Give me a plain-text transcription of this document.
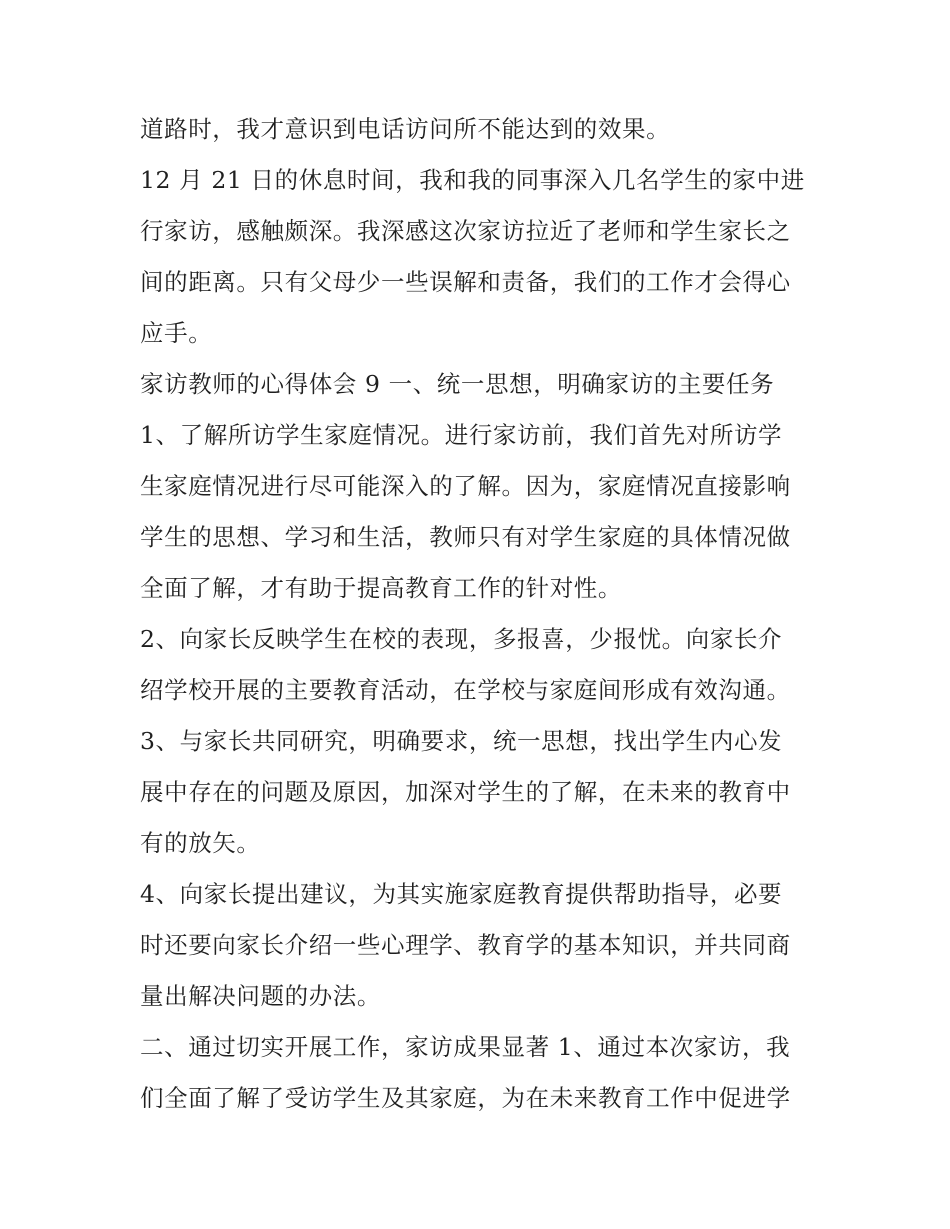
道路时，我才意识到电话访问所不能达到的效果。
12 月 21 日的休息时间，我和我的同事深入几名学生的家中进
行家访，感触颇深。我深感这次家访拉近了老师和学生家长之
间的距离。只有父母少一些误解和责备，我们的工作才会得心
应手。
家访教师的心得体会 9 一、统一思想，明确家访的主要任务
1、了解所访学生家庭情况。进行家访前，我们首先对所访学
生家庭情况进行尽可能深入的了解。因为，家庭情况直接影响
学生的思想、学习和生活，教师只有对学生家庭的具体情况做
全面了解，才有助于提高教育工作的针对性。
2、向家长反映学生在校的表现，多报喜，少报忧。向家长介
绍学校开展的主要教育活动，在学校与家庭间形成有效沟通。
3、与家长共同研究，明确要求，统一思想，找出学生内心发
展中存在的问题及原因，加深对学生的了解，在未来的教育中
有的放矢。
4、向家长提出建议，为其实施家庭教育提供帮助指导，必要
时还要向家长介绍一些心理学、教育学的基本知识，并共同商
量出解决问题的办法。
二、通过切实开展工作，家访成果显著 1、通过本次家访，我
们全面了解了受访学生及其家庭，为在未来教育工作中促进学
